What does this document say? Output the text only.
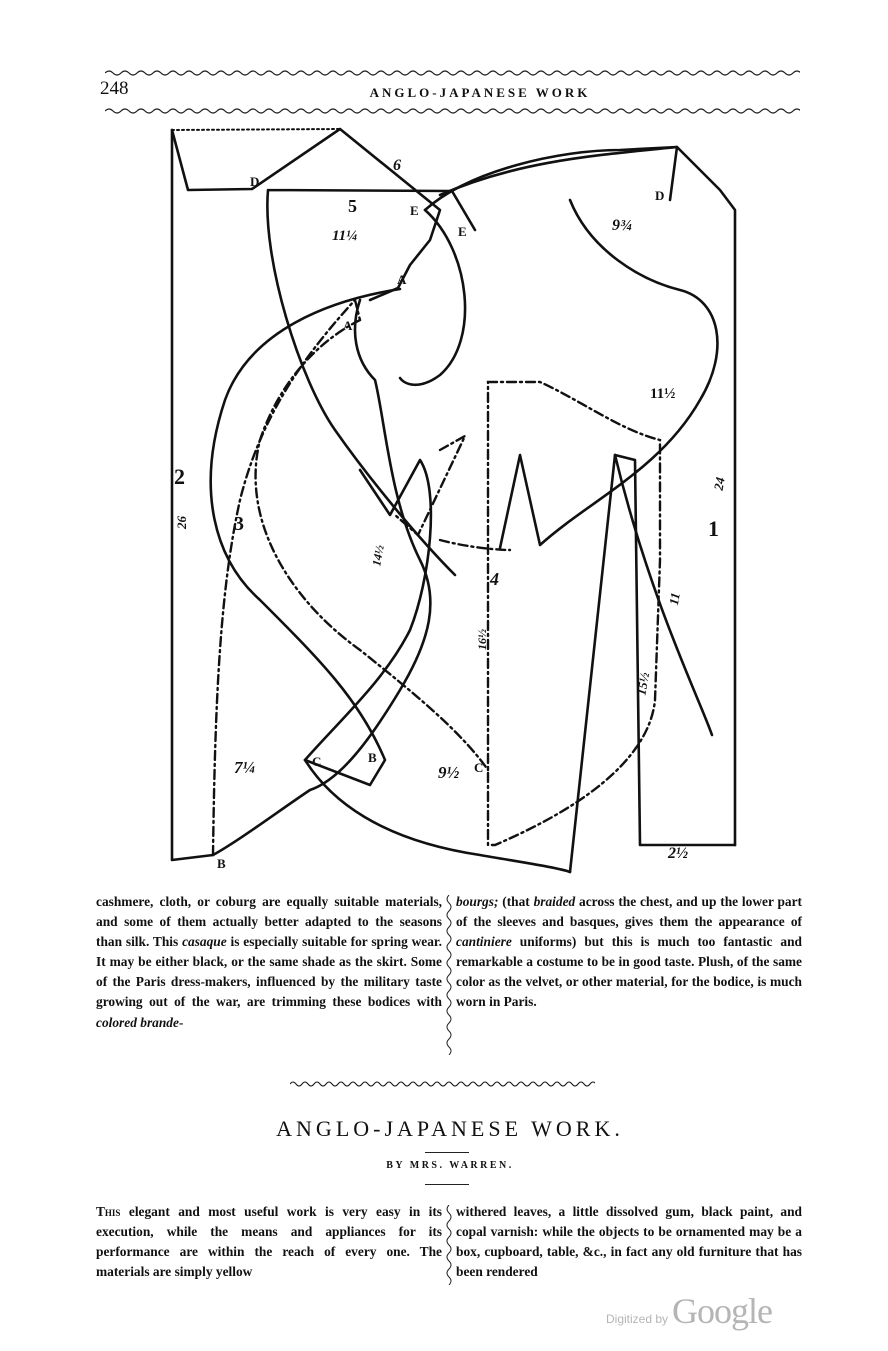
248	ANGLO-JAPANESE WORK
5
11¼
9¾
11½
2
26 3
14½
24
1
4
16½
11
15½
7¼	9½
2½
6
D
D
E
E
A
A
B
B
C	C

cashmere, cloth, or coburg are equally suitable materials, and some of them actually better adapted to the seasons than silk. This casaque is especially suitable for spring wear. It may be either black, or the same shade as the skirt. Some of the Paris dress-makers, influenced by the military taste growing out of the war, are trimming these bodices with colored brande-

bourgs; (that braided across the chest, and up the lower part of the sleeves and basques, gives them the appearance of cantiniere uniforms) but this is much too fantastic and remarkable a costume to be in good taste. Plush, of the same color as the velvet, or other material, for the bodice, is much worn in Paris.

ANGLO-JAPANESE WORK.
BY MRS. WARREN.

This elegant and most useful work is very easy in its execution, while the means and appliances for its performance are within the reach of every one. The materials are simply yellow

withered leaves, a little dissolved gum, black paint, and copal varnish: while the objects to be ornamented may be a box, cupboard, table, &c., in fact any old furniture that has been rendered

Digitized by Google
